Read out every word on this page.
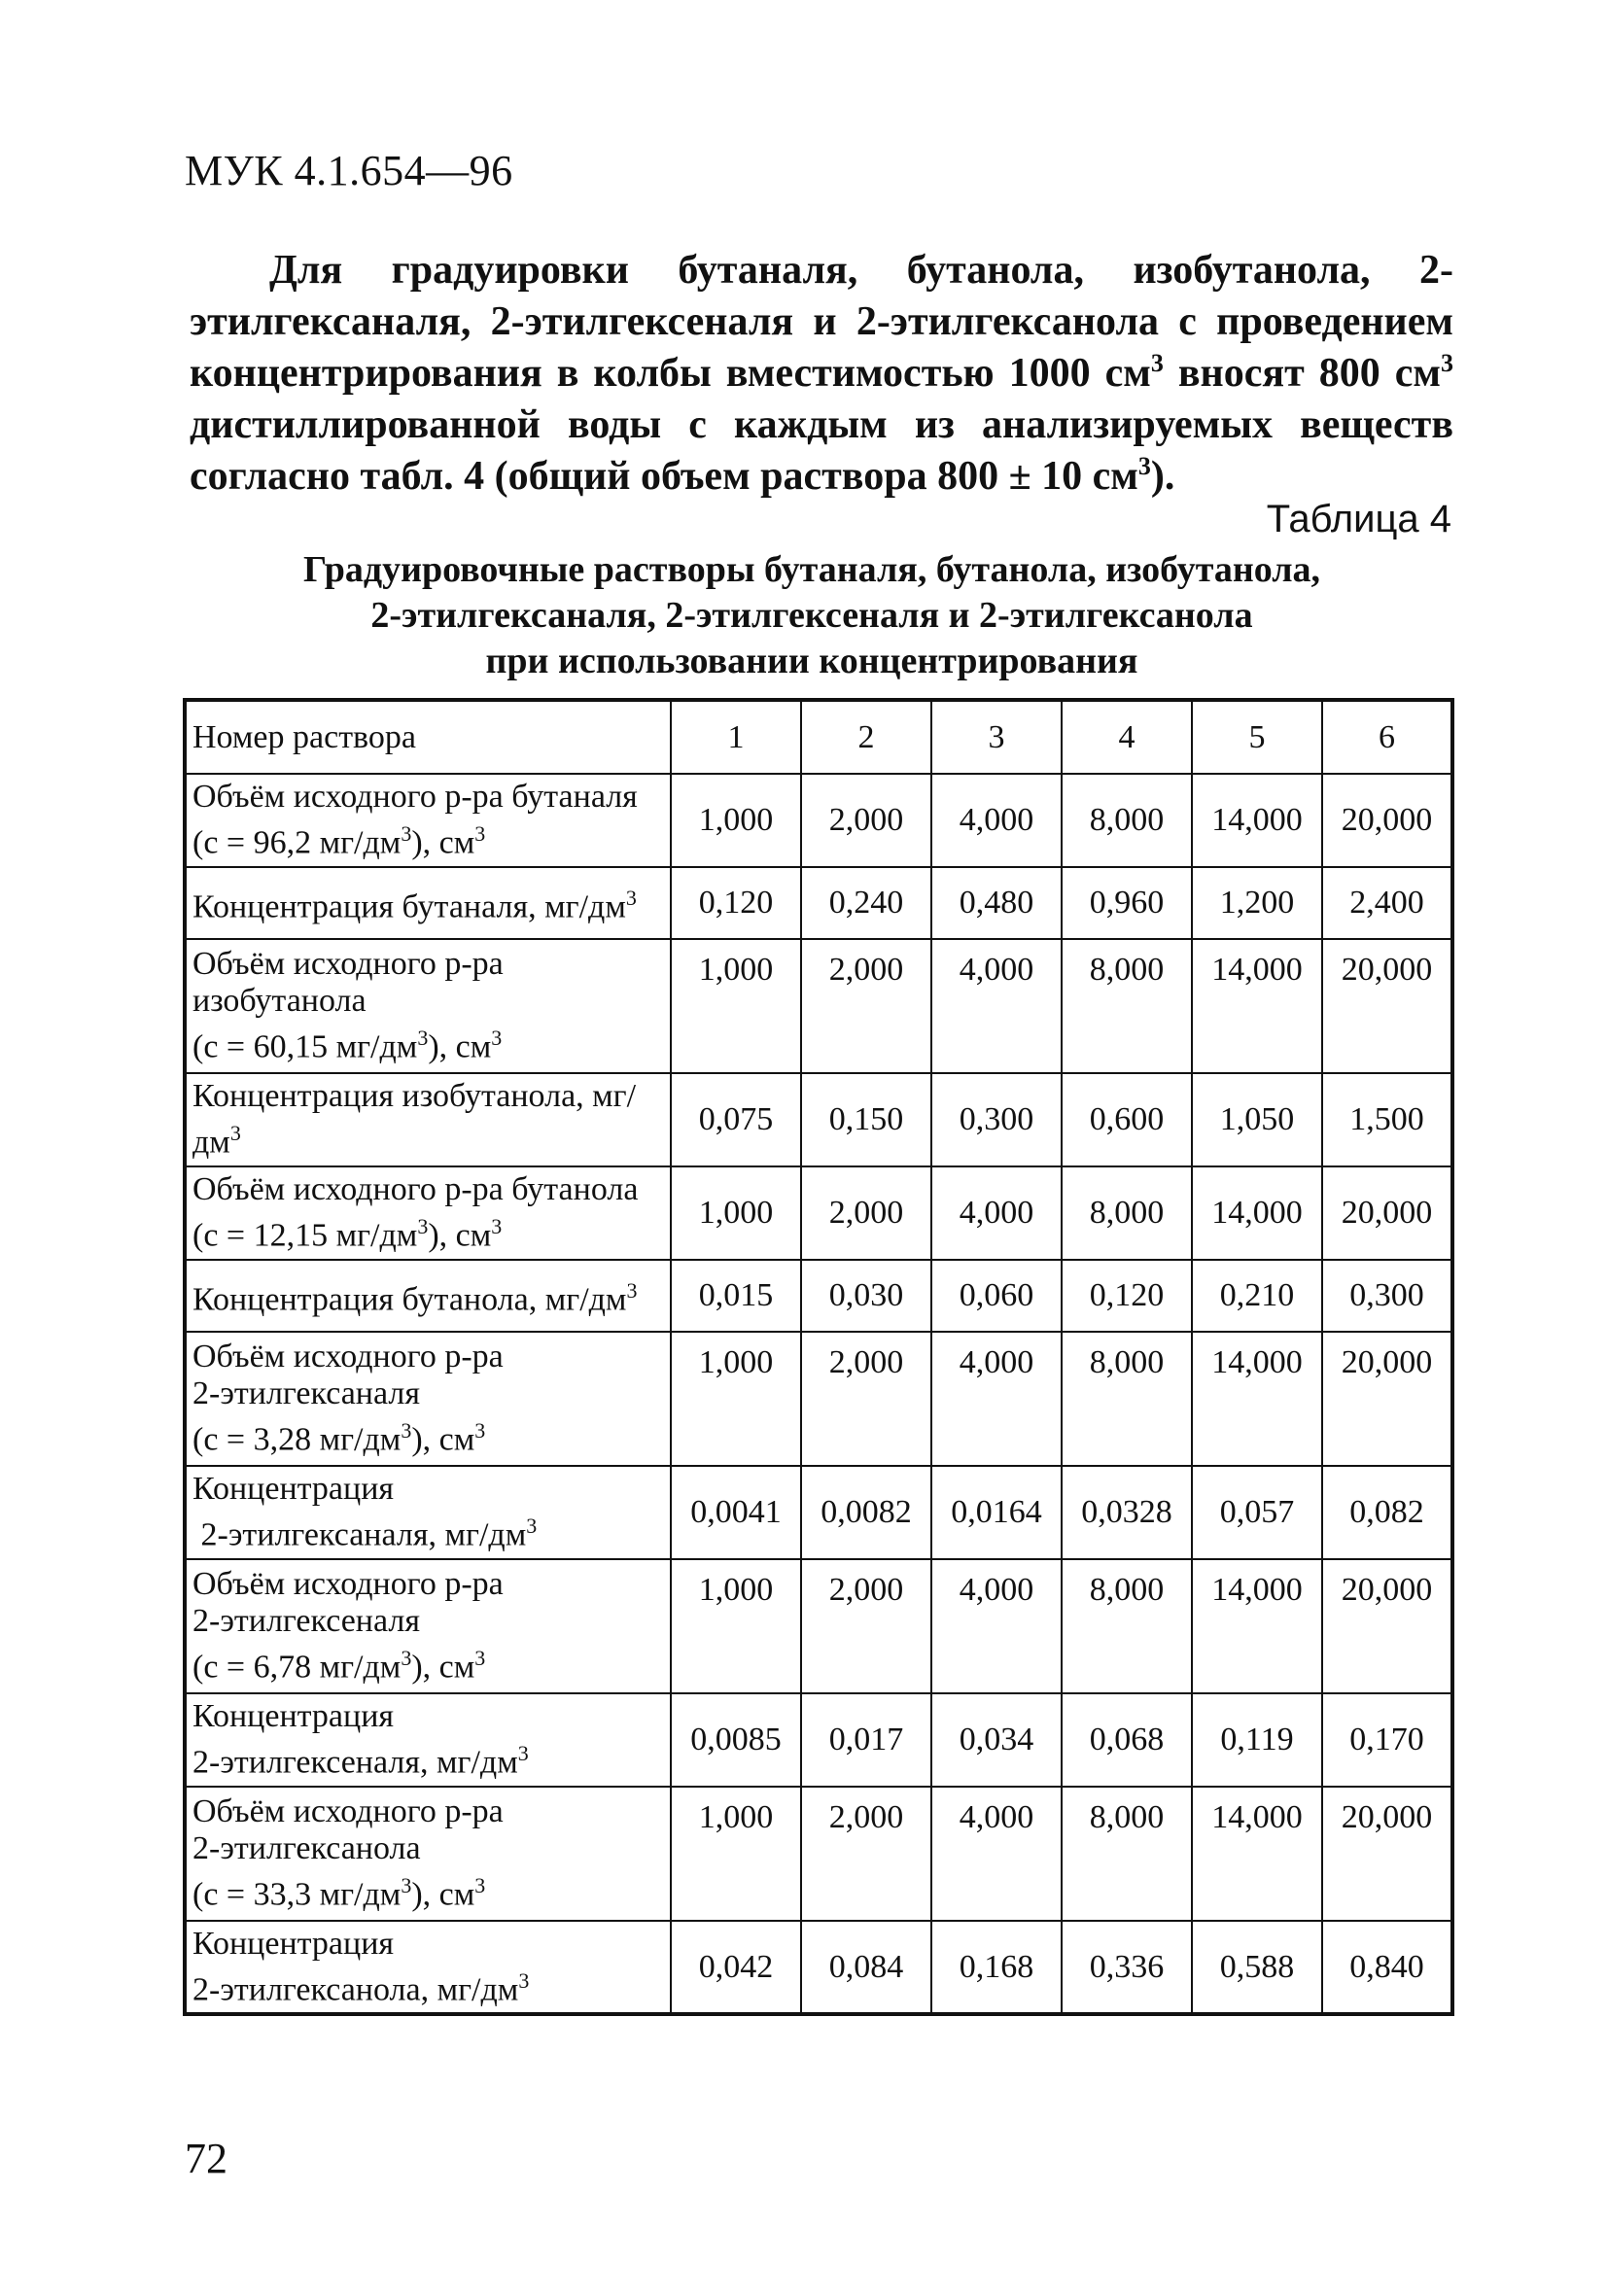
МУК 4.1.654—96

Для градуировки бутаналя, бутанола, изобутанола, 2-этилгексаналя, 2-этилгексеналя и 2-этилгексанола с проведением концентрирования в колбы вместимостью 1000 $см^3$ вносят 800 $см^3$ дистиллированной воды с каждым из анализируемых веществ согласно табл. 4 (общий объем раствора 800 ± 10 $см^3$).

Таблица 4
Градуировочные растворы бутаналя, бутанола, изобутанола,
2-этилгексаналя, 2-этилгексеналя и 2-этилгексанола
при использовании концентрирования
Номер раствора	1	2	3	4	5	6
Объём исходного р-ра бутаналя (с = 96,2 $мг/дм^3$), $см^3$	1,000	2,000	4,000	8,000	14,000	20,000
Концентрация бутаналя, $мг/дм^3$	0,120	0,240	0,480	0,960	1,200	2,400
Объём исходного р-ра
изобутанола
(с = 60,15 $мг/дм^3$), $см^3$	1,000	2,000	4,000	8,000	14,000	20,000
Концентрация изобутанола, $мг/дм^3$	0,075	0,150	0,300	0,600	1,050	1,500
Объём исходного р-ра бутанола (с = 12,15 $мг/дм^3$), $см^3$	1,000	2,000	4,000	8,000	14,000	20,000
Концентрация бутанола, $мг/дм^3$	0,015	0,030	0,060	0,120	0,210	0,300
Объём исходного р-ра
2-этилгексаналя
(с = 3,28 $мг/дм^3$), $см^3$	1,000	2,000	4,000	8,000	14,000	20,000
Концентрация
2-этилгексаналя, $мг/дм^3$	0,0041	0,0082	0,0164	0,0328	0,057	0,082
Объём исходного р-ра
2-этилгексеналя
(с = 6,78 $мг/дм^3$), $см^3$	1,000	2,000	4,000	8,000	14,000	20,000
Концентрация
2-этилгексеналя, $мг/дм^3$	0,0085	0,017	0,034	0,068	0,119	0,170
Объём исходного р-ра
2-этилгексанола
(с = 33,3 $мг/дм^3$), $см^3$	1,000	2,000	4,000	8,000	14,000	20,000
Концентрация
2-этилгексанола, $мг/дм^3$	0,042	0,084	0,168	0,336	0,588	0,840
72
